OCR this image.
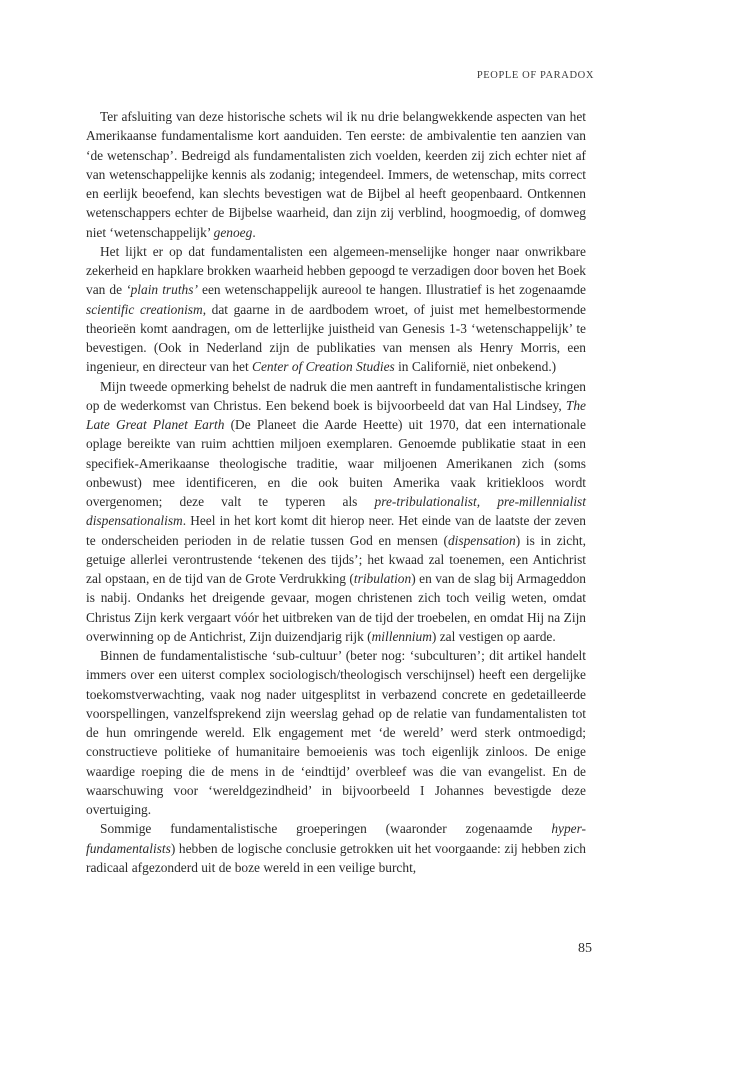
PEOPLE OF PARADOX

Ter afsluiting van deze historische schets wil ik nu drie belangwekkende aspecten van het Amerikaanse fundamentalisme kort aanduiden. Ten eerste: de ambivalentie ten aanzien van ‘de wetenschap’. Bedreigd als fundamentalisten zich voelden, keerden zij zich echter niet af van wetenschappelijke kennis als zodanig; integendeel. Immers, de wetenschap, mits correct en eerlijk beoefend, kan slechts bevestigen wat de Bijbel al heeft geopenbaard. Ontkennen wetenschappers echter de Bijbelse waarheid, dan zijn zij verblind, hoogmoedig, of domweg niet ‘wetenschappelijk’ genoeg.

Het lijkt er op dat fundamentalisten een algemeen-menselijke honger naar onwrikbare zekerheid en hapklare brokken waarheid hebben gepoogd te verzadigen door boven het Boek van de ‘plain truths’ een wetenschappelijk aureool te hangen. Illustratief is het zogenaamde scientific creationism, dat gaarne in de aardbodem wroet, of juist met hemelbestormende theorieën komt aandragen, om de letterlijke juistheid van Genesis 1-3 ‘wetenschappelijk’ te bevestigen. (Ook in Nederland zijn de publikaties van mensen als Henry Morris, een ingenieur, en directeur van het Center of Creation Studies in Californië, niet onbekend.)

Mijn tweede opmerking behelst de nadruk die men aantreft in fundamentalistische kringen op de wederkomst van Christus. Een bekend boek is bijvoorbeeld dat van Hal Lindsey, The Late Great Planet Earth (De Planeet die Aarde Heette) uit 1970, dat een internationale oplage bereikte van ruim achttien miljoen exemplaren. Genoemde publikatie staat in een specifiek-Amerikaanse theologische traditie, waar miljoenen Amerikanen zich (soms onbewust) mee identificeren, en die ook buiten Amerika vaak kritiekloos wordt overgenomen; deze valt te typeren als pre-tribulationalist, pre-millennialist dispensationalism. Heel in het kort komt dit hierop neer. Het einde van de laatste der zeven te onderscheiden perioden in de relatie tussen God en mensen (dispensation) is in zicht, getuige allerlei verontrustende ‘tekenen des tijds’; het kwaad zal toenemen, een Antichrist zal opstaan, en de tijd van de Grote Verdrukking (tribulation) en van de slag bij Armageddon is nabij. Ondanks het dreigende gevaar, mogen christenen zich toch veilig weten, omdat Christus Zijn kerk vergaart vóór het uitbreken van de tijd der troebelen, en omdat Hij na Zijn overwinning op de Antichrist, Zijn duizendjarig rijk (millennium) zal vestigen op aarde.

Binnen de fundamentalistische ‘sub-cultuur’ (beter nog: ‘subculturen’; dit artikel handelt immers over een uiterst complex sociologisch/theologisch verschijnsel) heeft een dergelijke toekomstverwachting, vaak nog nader uitgesplitst in verbazend concrete en gedetailleerde voorspellingen, vanzelfsprekend zijn weerslag gehad op de relatie van fundamentalisten tot de hun omringende wereld. Elk engagement met ‘de wereld’ werd sterk ontmoedigd; constructieve politieke of humanitaire bemoeienis was toch eigenlijk zinloos. De enige waardige roeping die de mens in de ‘eindtijd’ overbleef was die van evangelist. En de waarschuwing voor ‘wereldgezindheid’ in bijvoorbeeld I Johannes bevestigde deze overtuiging.

Sommige fundamentalistische groeperingen (waaronder zogenaamde hyper-fundamentalists) hebben de logische conclusie getrokken uit het voorgaande: zij hebben zich radicaal afgezonderd uit de boze wereld in een veilige burcht,

85
